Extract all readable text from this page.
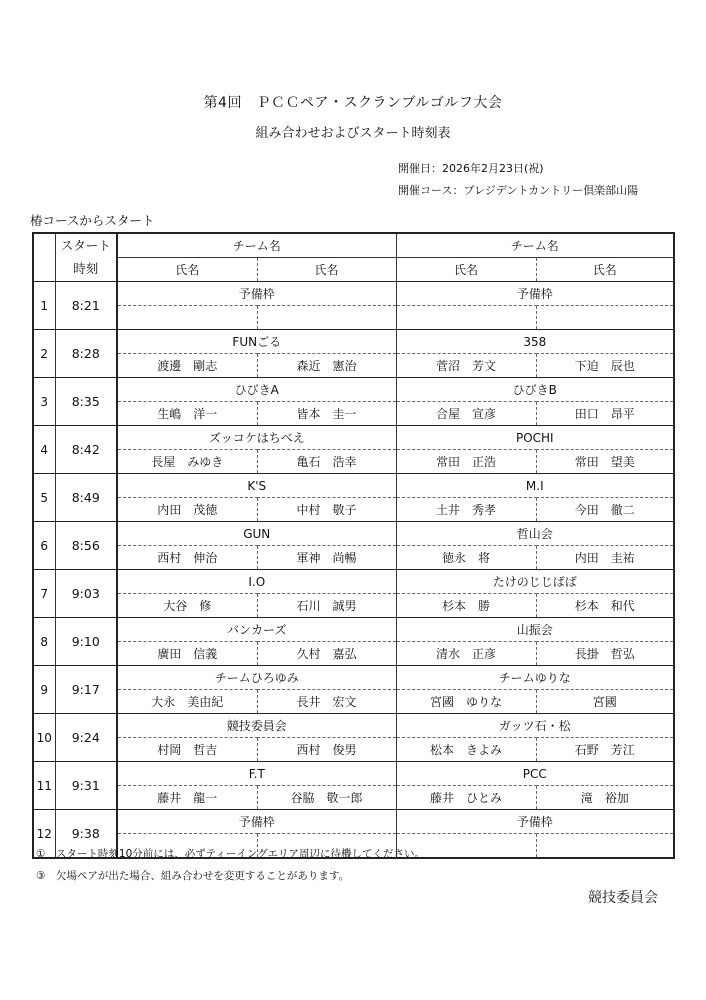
第4回　ＰＣＣペア・スクランブルゴルフ大会
組み合わせおよびスタート時刻表
開催日：2026年2月23日(祝)
開催コース：プレジデントカントリー倶楽部山陽
椿コースからスタート
	スタート	チーム名		チーム名	
	時刻	氏名	氏名	氏名	氏名
1	8:21	予備枠		予備枠	

2	8:28	FUNごる		358	
		渡邊　剛志	森近　憲治	菅沼　芳文	下迫　辰也
3	8:35	ひびきA		ひびきB	
		生嶋　洋一	皆本　圭一	合屋　宣彦	田口　昂平
4	8:42	ズッコケはちべえ		POCHI	
		長屋　みゆき	亀石　浩幸	常田　正浩	常田　望美
5	8:49	K'S		M.I	
		内田　茂徳	中村　敬子	土井　秀孝	今田　徹二
6	8:56	GUN		哲山会	
		西村　伸治	軍神　尚暢	徳永　将	内田　圭祐
7	9:03	I.O		たけのじじばば	
		大谷　修	石川　誠男	杉本　勝	杉本　和代
8	9:10	バンカーズ		山振会	
		廣田　信義	久村　嘉弘	清水　正彦	長掛　哲弘
9	9:17	チームひろゆみ		チームゆりな	
		大永　美由紀	長井　宏文	宮國　ゆりな	宮國
10	9:24	競技委員会		ガッツ石・松	
		村岡　哲吉	西村　俊男	松本　きよみ	石野　芳江
11	9:31	F.T		PCC	
		藤井　龍一	谷脇　敬一郎	藤井　ひとみ	滝　裕加
12	9:38	予備枠		予備枠	

①　スタート時刻10分前には、必ずティーイングエリア周辺に待機してください。
③　欠場ペアが出た場合、組み合わせを変更することがあります。
競技委員会
